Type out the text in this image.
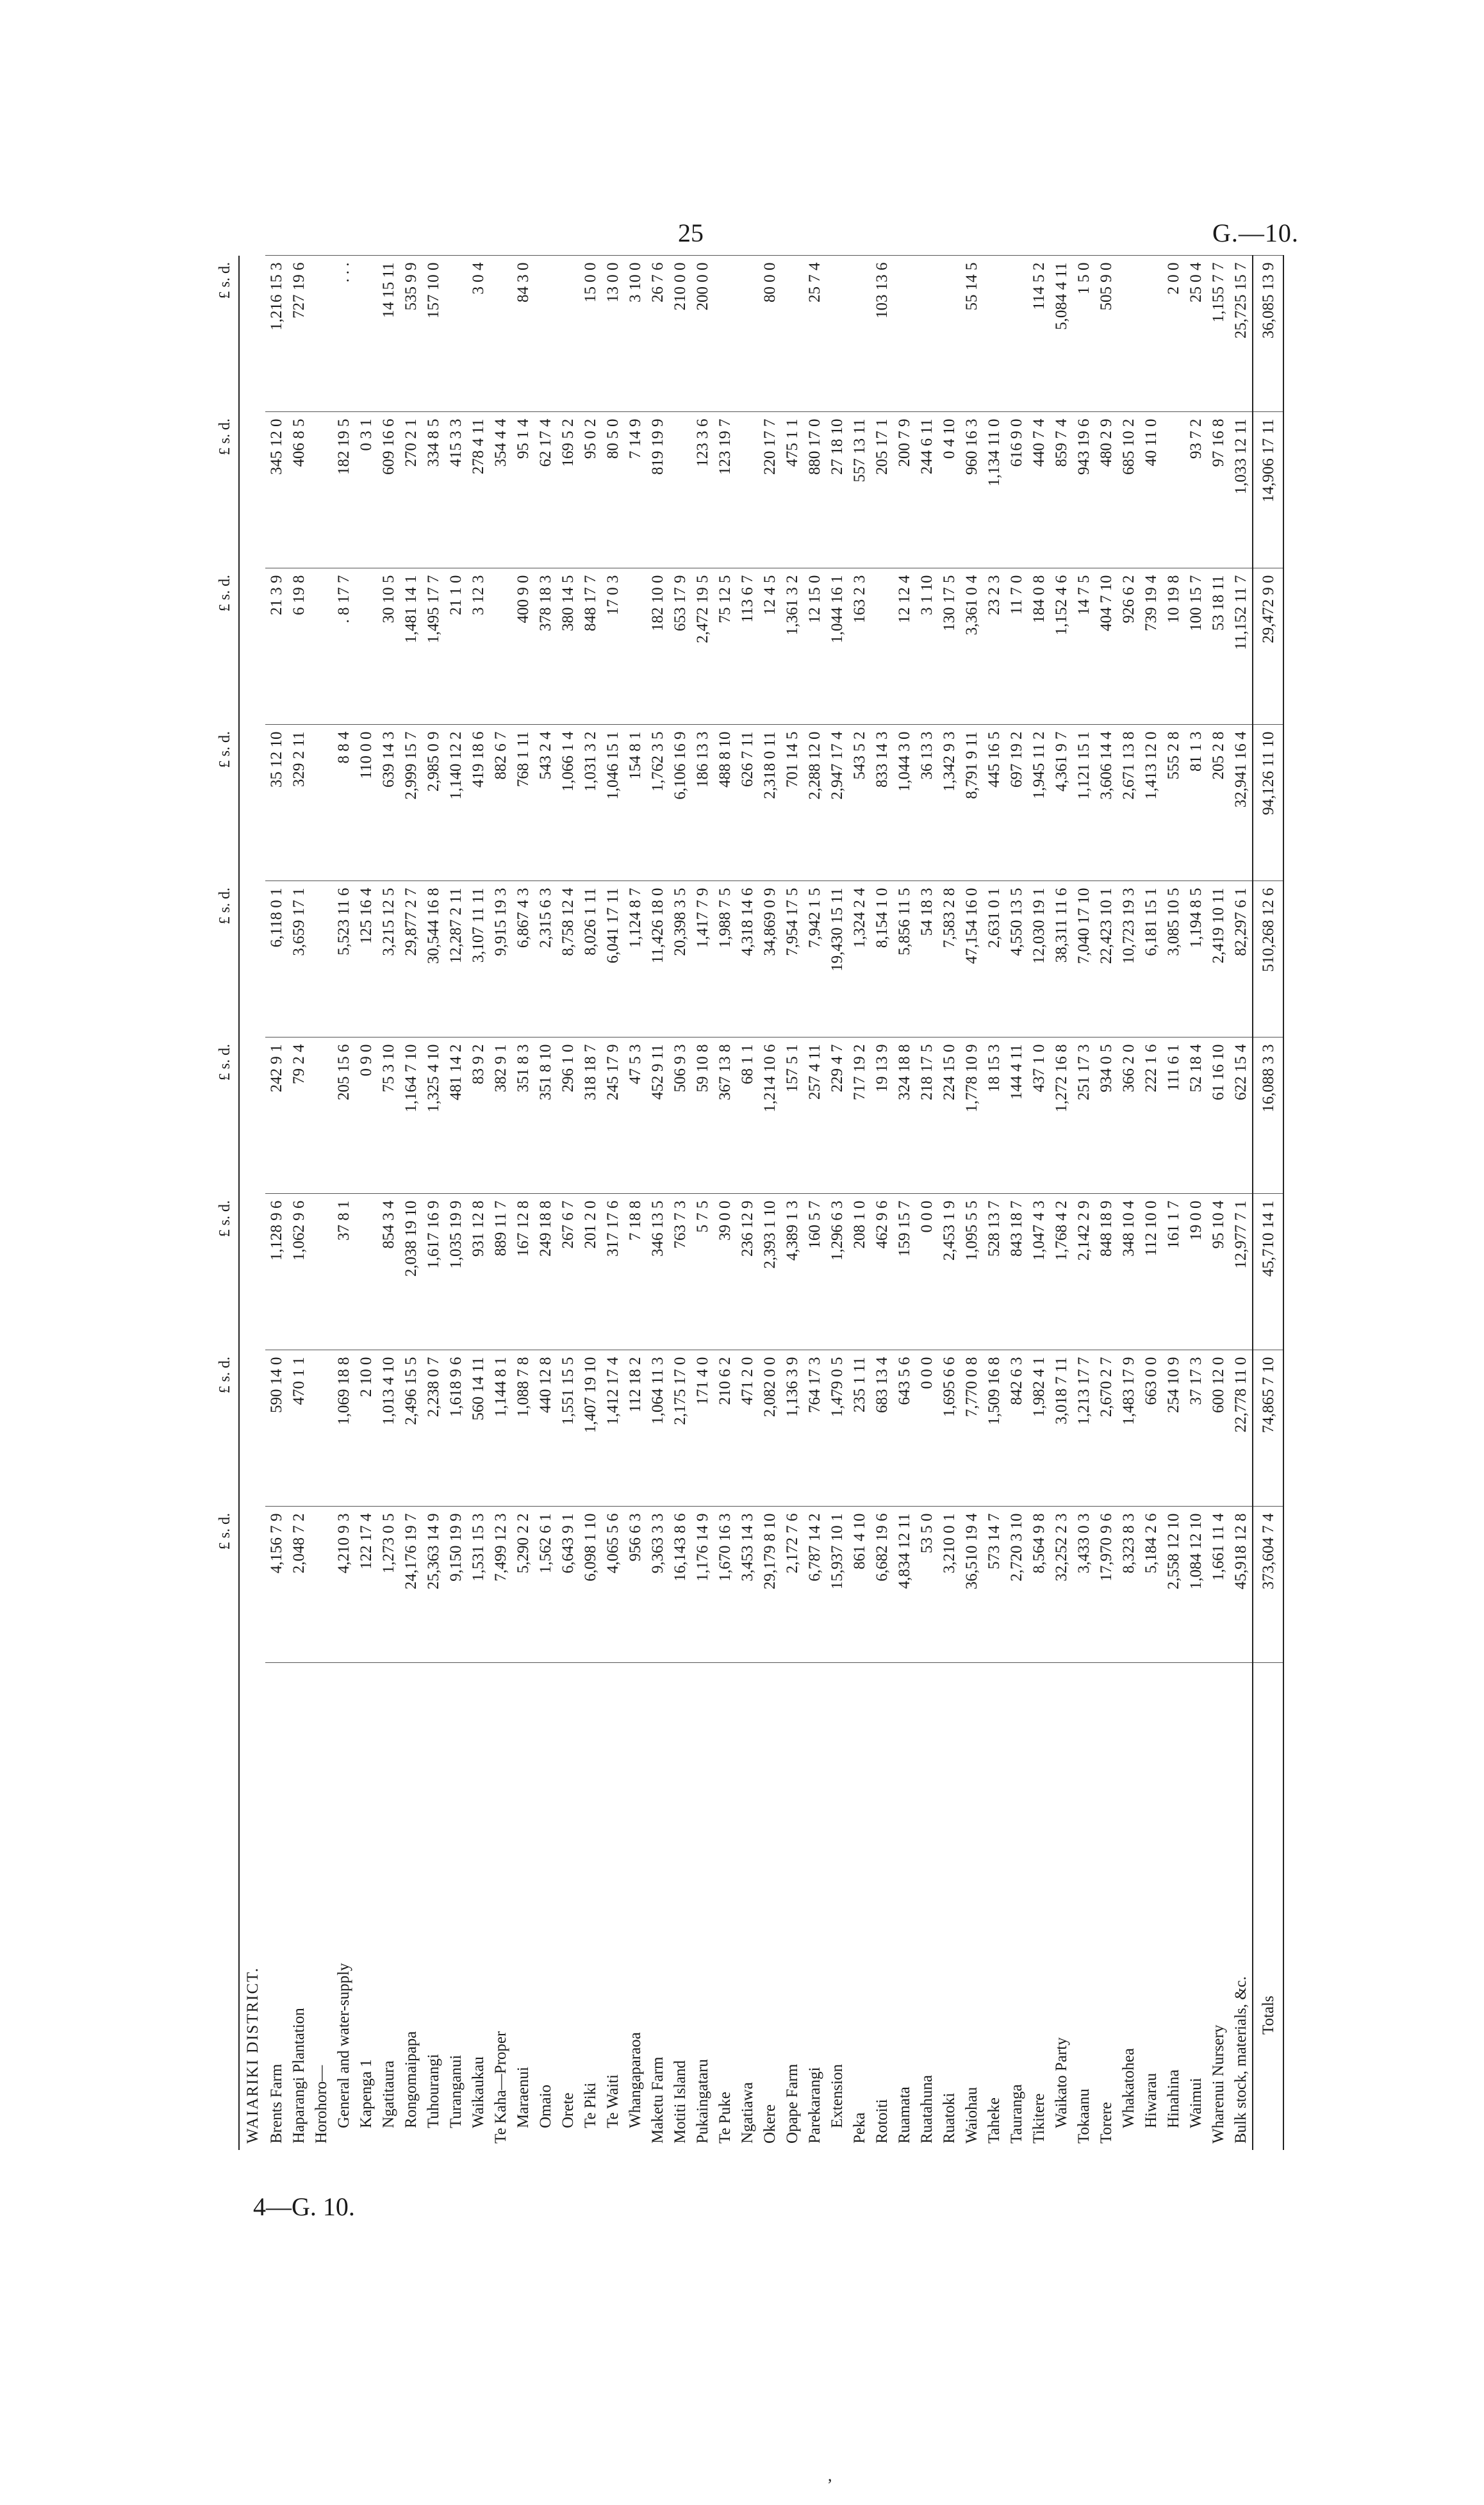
25	G.—10.
	£ s. d.	£ s. d.	£ s. d.	£ s. d.	£ s. d.	£ s. d.	£ s. d.	£ s. d.	£ s. d.	
WAIARIKI DISTRICT.										
Brents Farm	4,156 7 9	590 14 0	1,128 9 6	242 9 1	6,118 0 1	35 12 10	21 3 9	345 12 0	1,216 15 3	
Haparangi Plantation	2,048 7 2	470 1 1	1,062 9 6	79 2 4	3,659 17 1	329 2 11	6 19 8	406 8 5	727 19 6	
Horohoro—										
General and water-supply	4,210 9 3	1,069 18 8	37 8 1	205 15 6	5,523 11 6	8 8 4	. 8 17 7	182 19 5	. . .	
Kapenga 1	122 17 4	2 10 0		0 9 0	125 16 4	110 0 0		0 3 1		
Ngatitaura	1,273 0 5	1,013 4 10	854 3 4	75 3 10	3,215 12 5	639 14 3	30 10 5	609 16 6	14 15 11	
Rongomaipapa	24,176 19 7	2,496 15 5	2,038 19 10	1,164 7 10	29,877 2 7	2,999 15 7	1,481 14 1	270 2 1	535 9 9	
Tuhourangi	25,363 14 9	2,238 0 7	1,617 16 9	1,325 4 10	30,544 16 8	2,985 0 9	1,495 17 7	334 8 5	157 10 0	
Turanganui	9,150 19 9	1,618 9 6	1,035 19 9	481 14 2	12,287 2 11	1,140 12 2	21 1 0	415 3 3		
Waikaukau	1,531 15 3	560 14 11	931 12 8	83 9 2	3,107 11 11	419 18 6	3 12 3	278 4 11	3 0 4	
Te Kaha—Proper	7,499 12 3	1,144 8 1	889 11 7	382 9 1	9,915 19 3	882 6 7		354 4 4		
Maraenui	5,290 2 2	1,088 7 8	167 12 8	351 8 3	6,867 4 3	768 1 11	400 9 0	95 1 4	84 3 0	
Omaio	1,562 6 1	440 12 8	249 18 8	351 8 10	2,315 6 3	543 2 4	378 18 3	62 17 4		
Orete	6,643 9 1	1,551 15 5	267 6 7	296 1 0	8,758 12 4	1,066 1 4	380 14 5	169 5 2		
Te Piki	6,098 1 10	1,407 19 10	201 2 0	318 18 7	8,026 1 11	1,031 3 2	848 17 7	95 0 2	15 0 0	
Te Waiti	4,065 5 6	1,412 17 4	317 17 6	245 17 9	6,041 17 11	1,046 15 1	17 0 3	80 5 0	13 0 0	
Whangaparaoa	956 6 3	112 18 2	7 18 8	47 5 3	1,124 8 7	154 8 1		7 14 9	3 10 0	
Maketu Farm	9,363 3 3	1,064 11 3	346 13 5	452 9 11	11,426 18 0	1,762 3 5	182 10 0	819 19 9	26 7 6	
Motiti Island	16,143 8 6	2,175 17 0	763 7 3	506 9 3	20,398 3 5	6,106 16 9	653 17 9		210 0 0	
Pukaingataru	1,176 14 9	171 4 0	5 7 5	59 10 8	1,417 7 9	186 13 3	2,472 19 5	123 3 6	200 0 0	
Te Puke	1,670 16 3	210 6 2	39 0 0	367 13 8	1,988 7 5	488 8 10	75 12 5	123 19 7		
Ngatiawa	3,453 14 3	471 2 0	236 12 9	68 1 1	4,318 14 6	626 7 11	113 6 7			
Okere	29,179 8 10	2,082 0 0	2,393 1 10	1,214 10 6	34,869 0 9	2,318 0 11	12 4 5	220 17 7	80 0 0	
Opape Farm	2,172 7 6	1,136 3 9	4,389 1 3	157 5 1	7,954 17 5	701 14 5	1,361 3 2	475 1 1		
Parekarangi	6,787 14 2	764 17 3	160 5 7	257 4 11	7,942 1 5	2,288 12 0	12 15 0	880 17 0	25 7 4	
Extension	15,937 10 1	1,479 0 5	1,296 6 3	229 4 7	19,430 15 11	2,947 17 4	1,044 16 1	27 18 10		
Peka	861 4 10	235 1 11	208 1 0	717 19 2	1,324 2 4	543 5 2	163 2 3	557 13 11		
Rotoiti	6,682 19 6	683 13 4	462 9 6	19 13 9	8,154 1 0	833 14 3		205 17 1	103 13 6	
Ruamata	4,834 12 11	643 5 6	159 15 7	324 18 8	5,856 11 5	1,044 3 0	12 12 4	200 7 9		
Ruatahuna	53 5 0	0 0 0	0 0 0	218 17 5	54 18 3	36 13 3	3 1 10	244 6 11		
Ruatoki	3,210 0 1	1,695 6 6	2,453 1 9	224 15 0	7,583 2 8	1,342 9 3	130 17 5	0 4 10		
Waiohau	36,510 19 4	7,770 0 8	1,095 5 5	1,778 10 9	47,154 16 0	8,791 9 11	3,361 0 4	960 16 3	55 14 5	
Taheke	573 14 7	1,509 16 8	528 13 7	18 15 3	2,631 0 1	445 16 5	23 2 3	1,134 11 0		
Tauranga	2,720 3 10	842 6 3	843 18 7	144 4 11	4,550 13 5	697 19 2	11 7 0	616 9 0		
Tikitere	8,564 9 8	1,982 4 1	1,047 4 3	437 1 0	12,030 19 1	1,945 11 2	184 0 8	440 7 4	114 5 2	
Waikato Party	32,252 2 3	3,018 7 11	1,768 4 2	1,272 16 8	38,311 11 6	4,361 9 7	1,152 4 6	859 7 4	5,084 4 11	
Tokaanu	3,433 0 3	1,213 17 7	2,142 2 9	251 17 3	7,040 17 10	1,121 15 1	14 7 5	943 19 6	1 5 0	
Torere	17,970 9 6	2,670 2 7	848 18 9	934 0 5	22,423 10 1	3,606 14 4	404 7 10	480 2 9	505 9 0	
Whakatohea	8,323 8 3	1,483 17 9	348 10 4	366 2 0	10,723 19 3	2,671 13 8	926 6 2	685 10 2		
Hiwarau	5,184 2 6	663 0 0	112 10 0	222 1 6	6,181 15 1	1,413 12 0	739 19 4	40 11 0		
Hinahina	2,558 12 10	254 10 9	161 1 7	111 6 1	3,085 10 5	555 2 8	10 19 8		2 0 0	
Waimui	1,084 12 10	37 17 3	19 0 0	52 18 4	1,194 8 5	81 1 3	100 15 7	93 7 2	25 0 4	
Wharenui Nursery	1,661 11 4	600 12 0	95 10 4	61 16 10	2,419 10 11	205 2 8	53 18 11	97 16 8	1,155 7 7	
Bulk stock, materials, &c.	45,918 12 8	22,778 11 0	12,977 7 1	622 15 4	82,297 6 1	32,941 16 4	11,152 11 7	1,033 12 11	25,725 15 7	
Totals	373,604 7 4	74,865 7 10	45,710 14 1	16,088 3 3	510,268 12 6	94,126 11 10	29,472 9 0	14,906 17 11	36,085 13 9	
4—G. 10.
,
